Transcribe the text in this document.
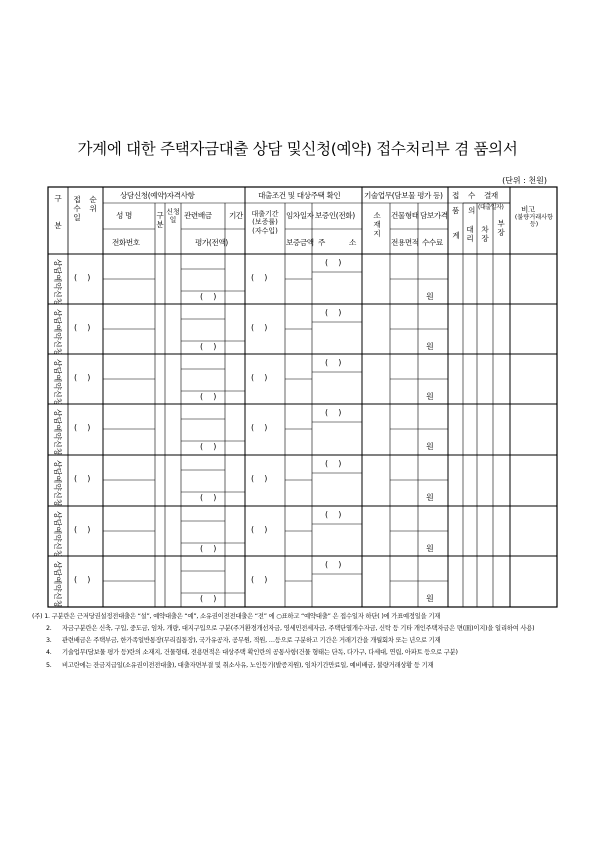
가계에 대한 주택자금대출 상담 및신청(예약) 접수처리부 겸 품의서
(단위 : 천원)
구

분
접수일
순위
상담신청(예약)자격사항
성 명
전화번호
구분
신청일
관련배금 기간
평가(전액)
대출조건 및 대상주택 확인
대출기간(보증률)(자수입)
임차일자
보증금액
보증인(전화)
주	소
기술업무(담보물 평가 등)
소재지
건물형태
전용면적
담보가격
수수료
접 수 결재
품 의 (대출일자)
계
대리
차장
부장
비고
(불량거래사항등)
상담예약신청 (    )
(    )
(    )
(    )
원
상담예약신청 (    )
(    )
(    )
(    )
원
상담예약신청 (    )
(    )
(    )
(    )
원
상담예약신청 (    )
(    )
(    )
(    )
원
상담예약신청 (    )
(    )
(    )
(    )
원
상담예약신청 (    )
(    )
(    )
(    )
원
상담예약신청 (    )
(    )
(    )
(    )
원
(주) 1. 구분란은 근저당권설정전대출은 “설”, 예약대출은 “예”, 소유권이전전대출은 “전” 에 ○표하고 “예약대출” 은 접수일자 하단( )에 가표예정일을 기재
2. 자금구분란은 신축, 구입, 중도금, 임차, 개량, 대지구입으로 구분(주거환경개선자금, 영세민전세자금, 주택단열개수자금, 신탁 등 기타 개인주택자금은 면(面)이지)을 일리하여 사용)
3. 관련배금은 주택부금, 한가족일반통장(무리집통장), 국가유공자, 공무원, 적원, …등으로 구분하고 기간은 거래기간을 개월회차 또는 년으로 기재
4. 기술업무(담보물 평가 등)란의 소재지, 건물형태, 전용면적은 대상주택 확인란의 공통사항(건물 형태는 단독, 다가구, 다세대, 연립, 아파트 등으로 구분)
5. 비고란에는 잔금지급일(소유권이전전대출), 대출자면부결 및 취소사유, 노인등기(발증지원), 임차기간만료일, 예비배금, 불량거래상황 등 기재
